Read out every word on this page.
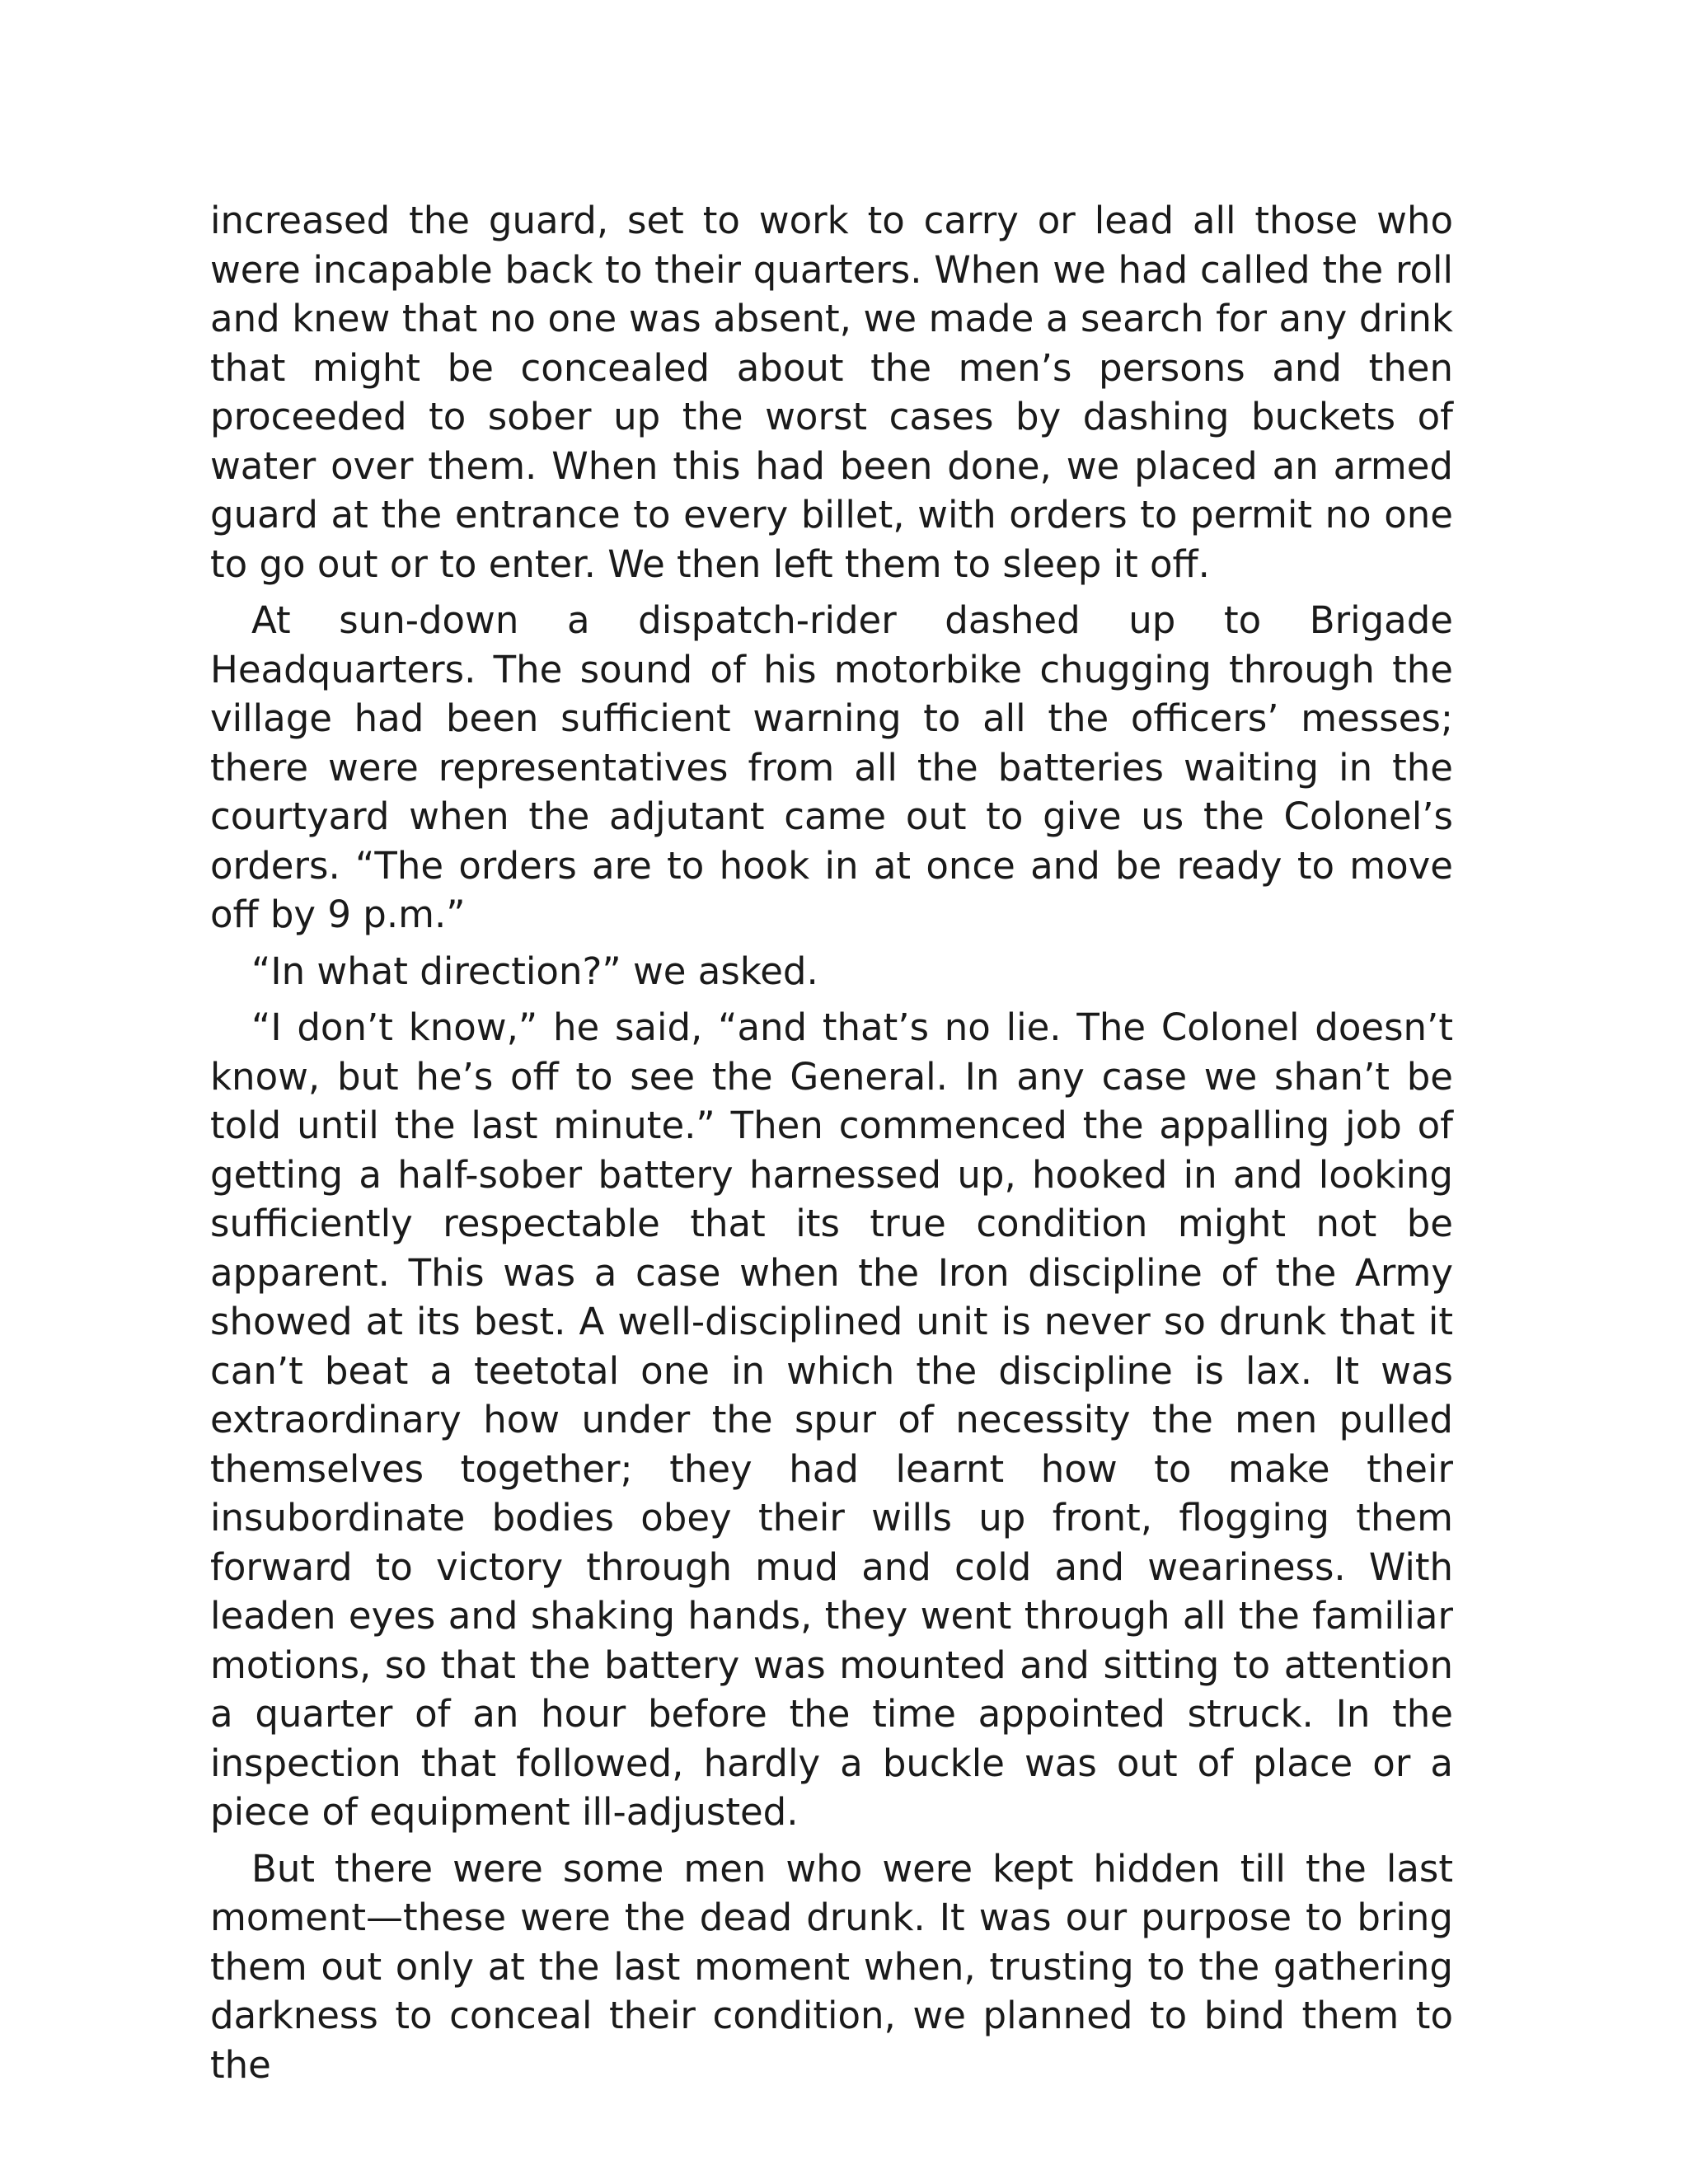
increased the guard, set to work to carry or lead all those who were incapable back to their quarters. When we had called the roll and knew that no one was absent, we made a search for any drink that might be concealed about the men’s persons and then proceeded to sober up the worst cases by dashing buckets of water over them. When this had been done, we placed an armed guard at the entrance to every billet, with orders to permit no one to go out or to enter. We then left them to sleep it off.

At sun-down a dispatch-rider dashed up to Brigade Headquarters. The sound of his motorbike chugging through the village had been sufficient warning to all the officers’ messes; there were representatives from all the batteries waiting in the courtyard when the adjutant came out to give us the Colonel’s orders. “The orders are to hook in at once and be ready to move off by 9 p.m.”

“In what direction?” we asked.

“I don’t know,” he said, “and that’s no lie. The Colonel doesn’t know, but he’s off to see the General. In any case we shan’t be told until the last minute.” Then commenced the appalling job of getting a half-sober battery harnessed up, hooked in and looking sufficiently respectable that its true condition might not be apparent. This was a case when the Iron discipline of the Army showed at its best. A well-disciplined unit is never so drunk that it can’t beat a teetotal one in which the discipline is lax. It was extraordinary how under the spur of necessity the men pulled themselves together; they had learnt how to make their insubordinate bodies obey their wills up front, flogging them forward to victory through mud and cold and weariness. With leaden eyes and shaking hands, they went through all the familiar motions, so that the battery was mounted and sitting to attention a quarter of an hour before the time appointed struck. In the inspection that followed, hardly a buckle was out of place or a piece of equipment ill-adjusted.

But there were some men who were kept hidden till the last moment—these were the dead drunk. It was our purpose to bring them out only at the last moment when, trusting to the gathering darkness to conceal their condition, we planned to bind them to the
